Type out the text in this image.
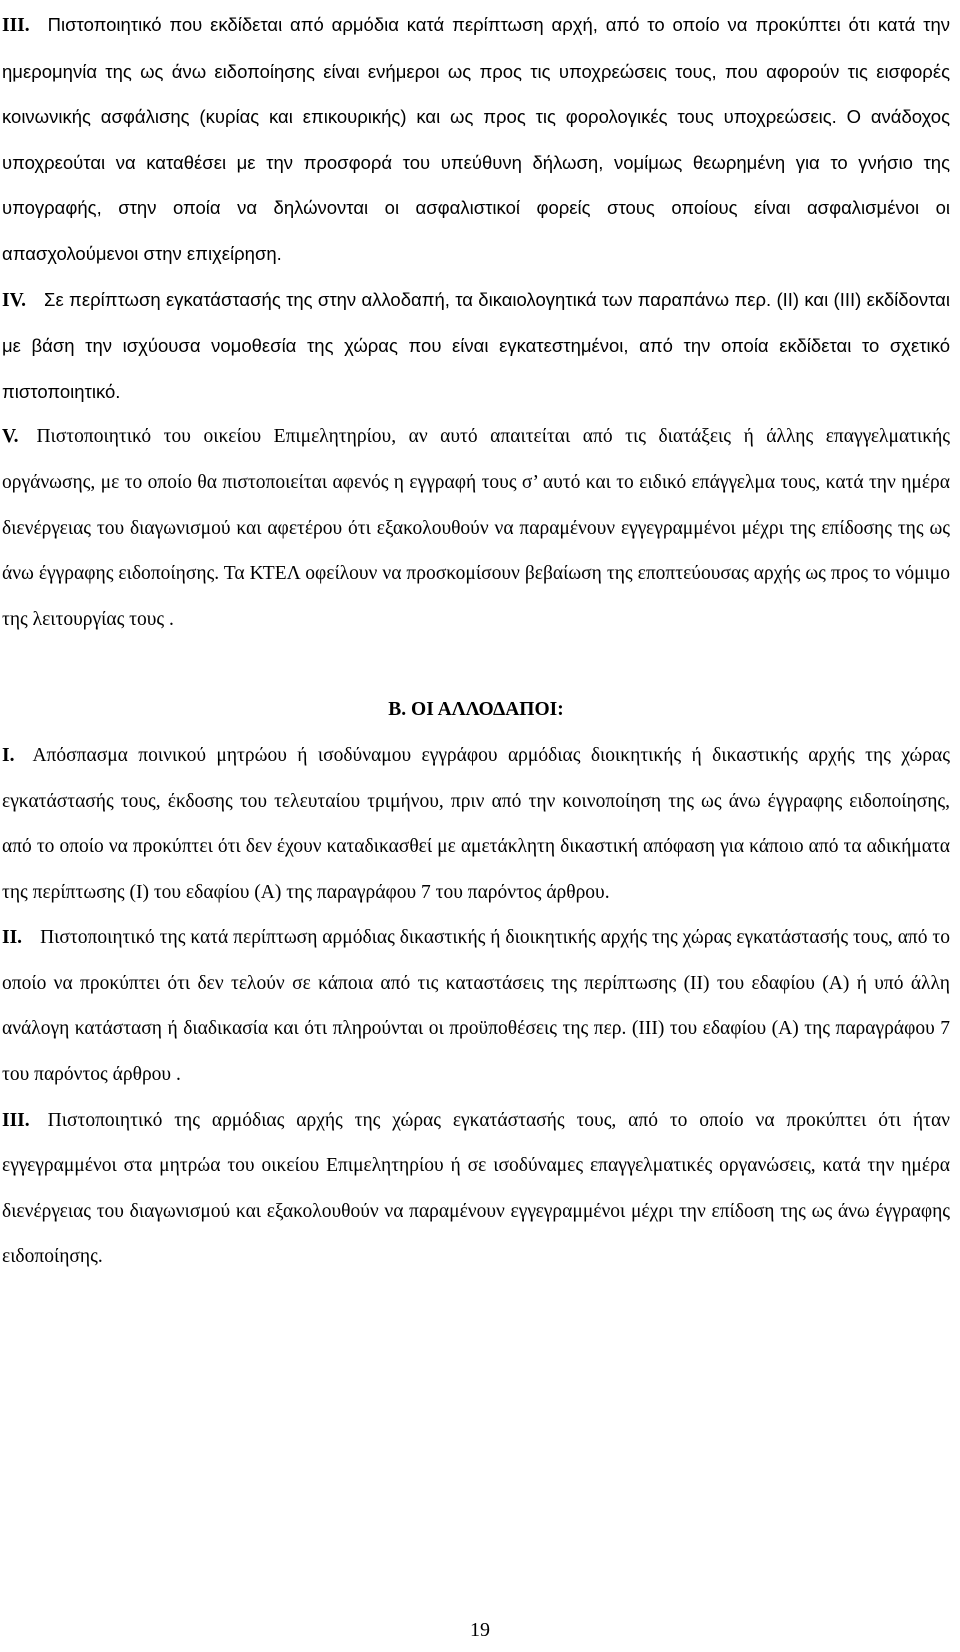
III. Πιστοποιητικό που εκδίδεται από αρμόδια κατά περίπτωση αρχή, από το οποίο να προκύπτει ότι κατά την ημερομηνία της ως άνω ειδοποίησης είναι ενήμεροι ως προς τις υποχρεώσεις τους, που αφορούν τις εισφορές κοινωνικής ασφάλισης (κυρίας και επικουρικής) και ως προς τις φορολογικές τους υποχρεώσεις. Ο ανάδοχος υποχρεούται να καταθέσει με την προσφορά του υπεύθυνη δήλωση, νομίμως θεωρημένη για το γνήσιο της υπογραφής, στην οποία να δηλώνονται οι ασφαλιστικοί φορείς στους οποίους είναι ασφαλισμένοι οι απασχολούμενοι στην επιχείρηση.

IV. Σε περίπτωση εγκατάστασής της στην αλλοδαπή, τα δικαιολογητικά των παραπάνω περ. (ΙΙ) και (ΙΙΙ) εκδίδονται με βάση την ισχύουσα νομοθεσία της χώρας που είναι εγκατεστημένοι, από την οποία εκδίδεται το σχετικό πιστοποιητικό.

V. Πιστοποιητικό του οικείου Επιμελητηρίου, αν αυτό απαιτείται από τις διατάξεις ή άλλης επαγγελματικής οργάνωσης, με το οποίο θα πιστοποιείται αφενός η εγγραφή τους σ’ αυτό και το ειδικό επάγγελμα τους, κατά την ημέρα διενέργειας του διαγωνισμού και αφετέρου ότι εξακολουθούν να παραμένουν εγγεγραμμένοι μέχρι της επίδοσης της ως άνω έγγραφης ειδοποίησης. Τα ΚΤΕΛ οφείλουν να προσκομίσουν βεβαίωση της εποπτεύουσας αρχής ως προς το νόμιμο της λειτουργίας τους .

Β. ΟΙ ΑΛΛΟΔΑΠΟΙ:

I. Απόσπασμα ποινικού μητρώου ή ισοδύναμου εγγράφου αρμόδιας διοικητικής ή δικαστικής αρχής της χώρας εγκατάστασής τους, έκδοσης του τελευταίου τριμήνου, πριν από την κοινοποίηση της ως άνω έγγραφης ειδοποίησης, από το οποίο να προκύπτει ότι δεν έχουν καταδικασθεί με αμετάκλητη δικαστική απόφαση για κάποιο από τα αδικήματα της περίπτωσης (Ι) του εδαφίου (Α) της παραγράφου 7 του παρόντος άρθρου.

ΙΙ. Πιστοποιητικό της κατά περίπτωση αρμόδιας δικαστικής ή διοικητικής αρχής της χώρας εγκατάστασής τους, από το οποίο να προκύπτει ότι δεν τελούν σε κάποια από τις καταστάσεις της περίπτωσης (ΙΙ) του εδαφίου (Α) ή υπό άλλη ανάλογη κατάσταση ή διαδικασία και ότι πληρούνται οι προϋποθέσεις της περ. (ΙΙΙ) του εδαφίου (Α) της παραγράφου 7 του παρόντος άρθρου .

ΙΙΙ. Πιστοποιητικό της αρμόδιας αρχής της χώρας εγκατάστασής τους, από το οποίο να προκύπτει ότι ήταν εγγεγραμμένοι στα μητρώα του οικείου Επιμελητηρίου ή σε ισοδύναμες επαγγελματικές οργανώσεις, κατά την ημέρα διενέργειας του διαγωνισμού και εξακολουθούν να παραμένουν εγγεγραμμένοι μέχρι την επίδοση της ως άνω έγγραφης ειδοποίησης.

19
